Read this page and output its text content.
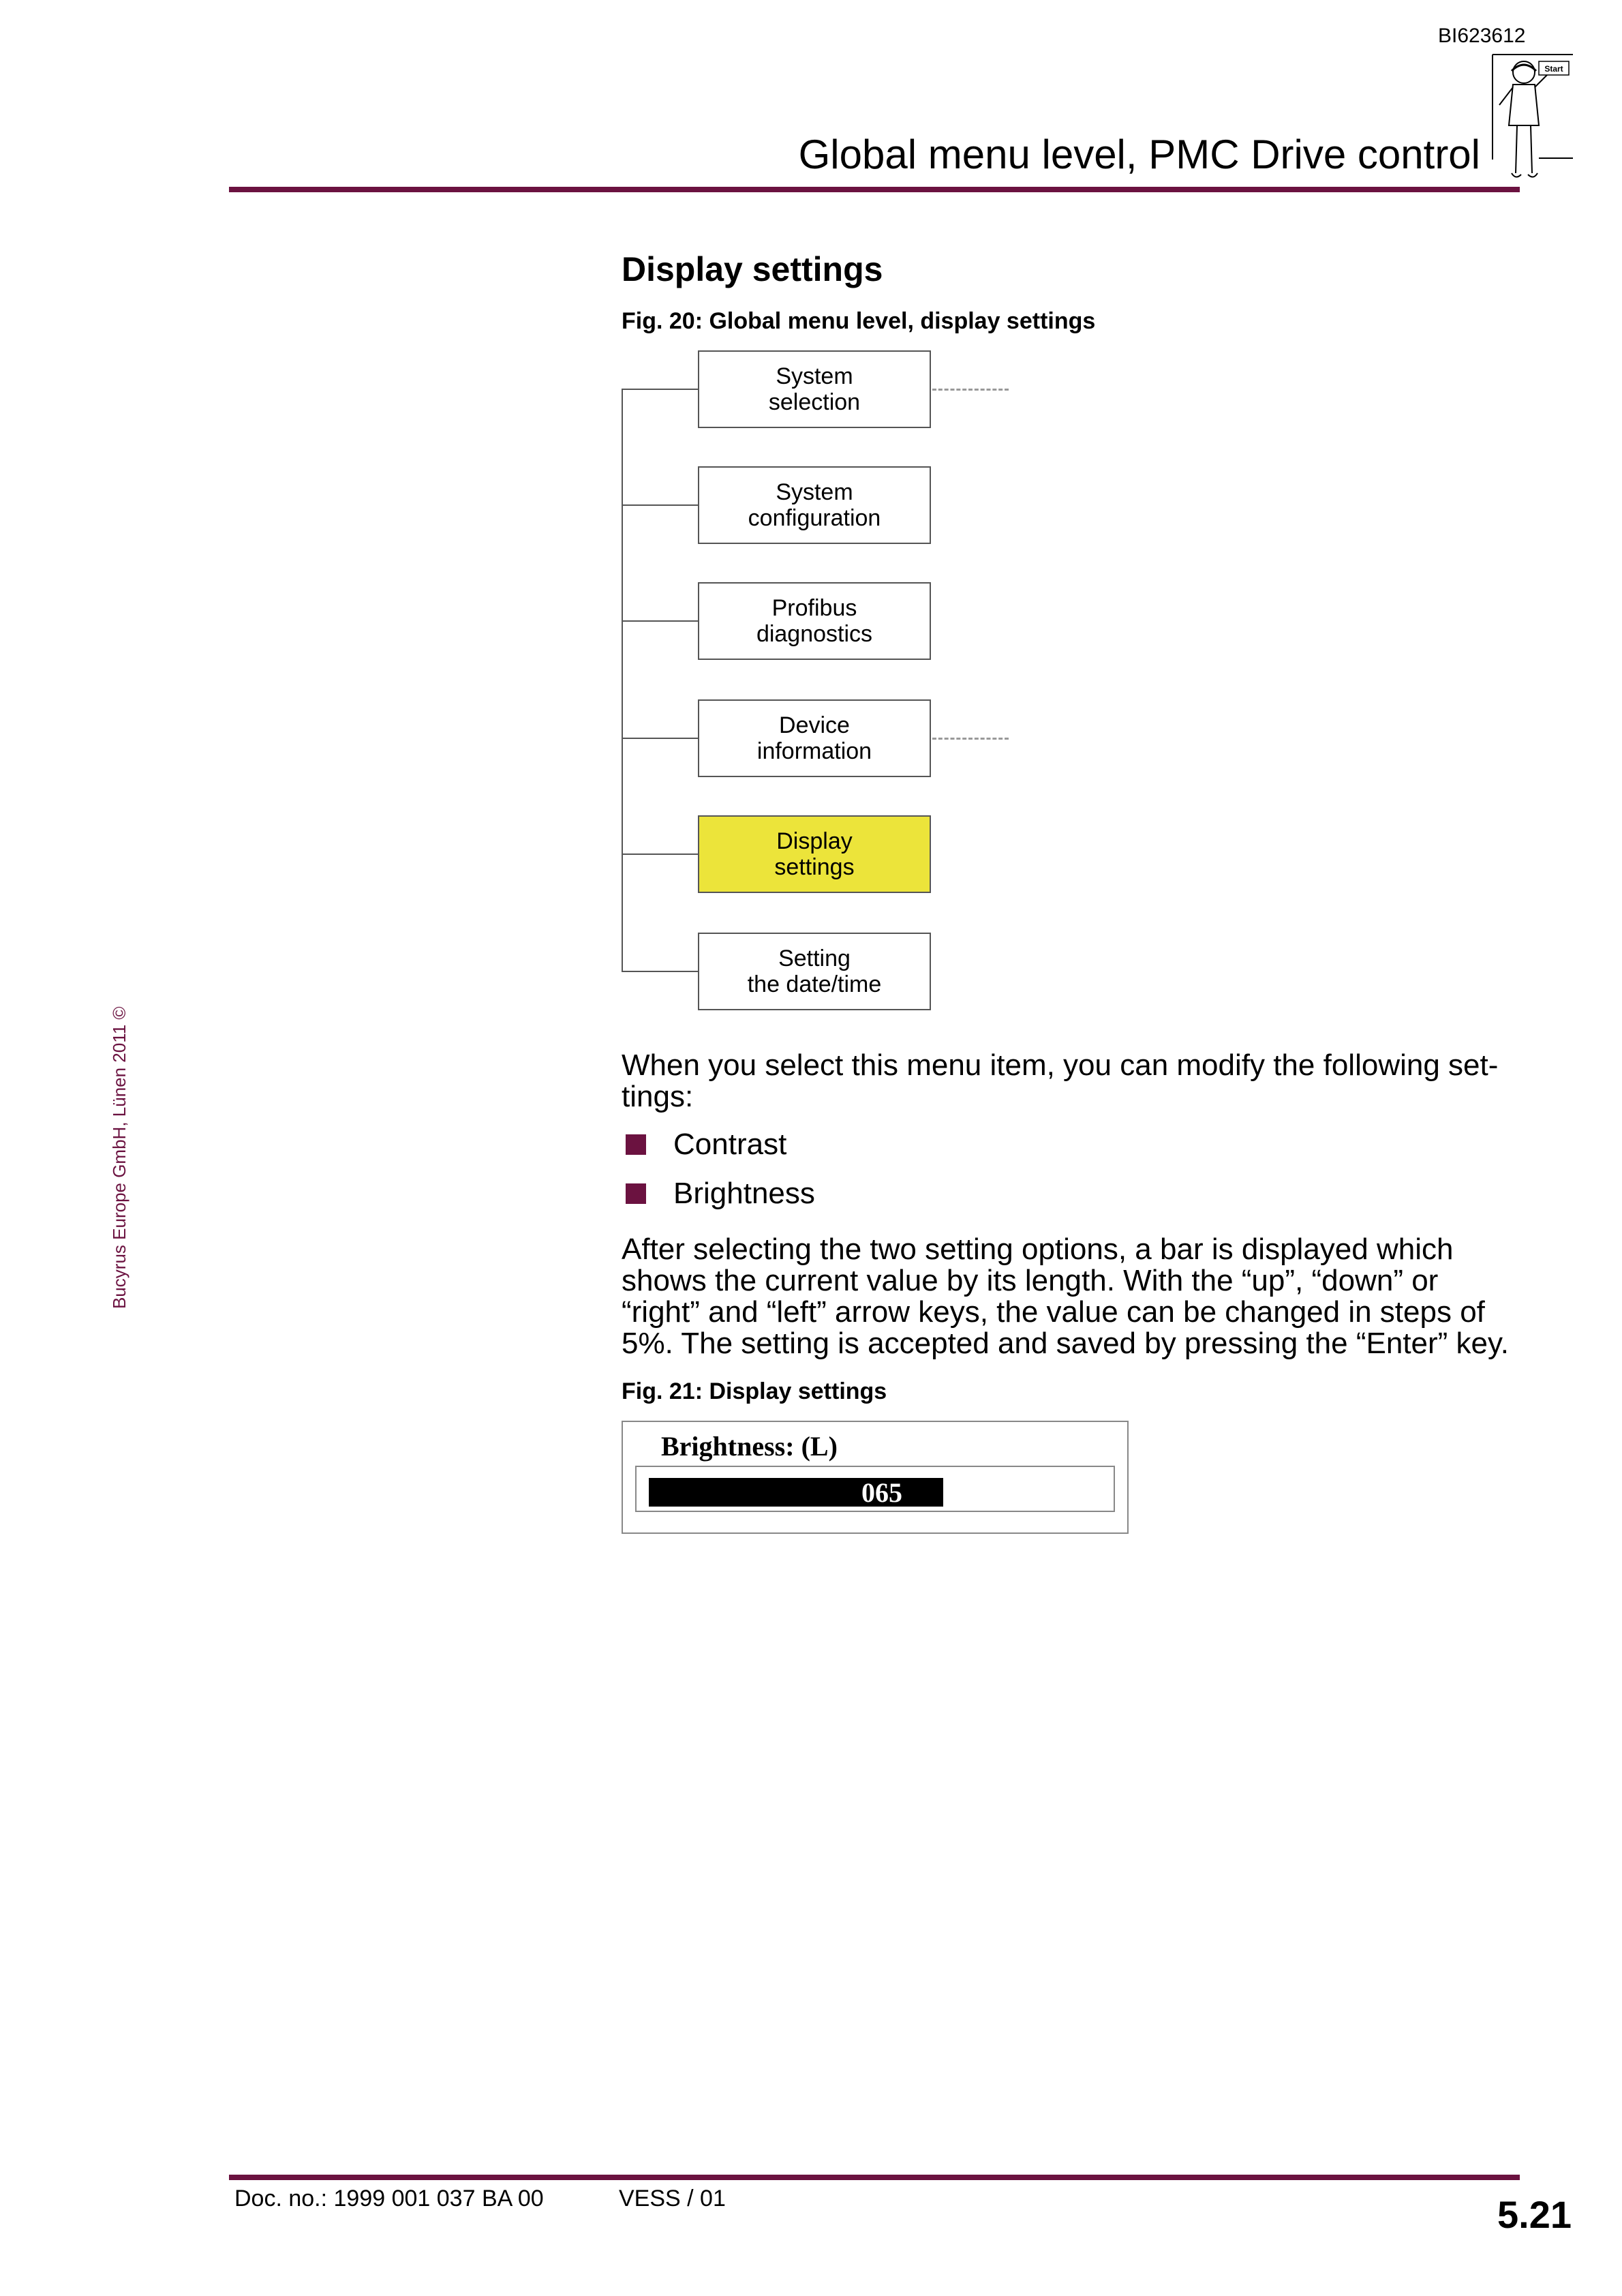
BI623612
Global menu level, PMC Drive control
Start
Bucyrus Europe GmbH, Lünen 2011 ©
Display settings
Fig. 20: Global menu level, display settings
System
selection
System
configuration
Profibus
diagnostics
Device
information
Display
settings
Setting
the date/time
When you select this menu item, you can modify the following set-tings:
Contrast
Brightness
After selecting the two setting options, a bar is displayed which shows the current value by its length. With the “up”, “down” or “right” and “left” arrow keys, the value can be changed in steps of 5%. The setting is accepted and saved by pressing the “Enter” key.
Fig. 21: Display settings
Brightness: (L)
065
Doc. no.: 1999 001 037 BA 00	VESS / 01	5.21
